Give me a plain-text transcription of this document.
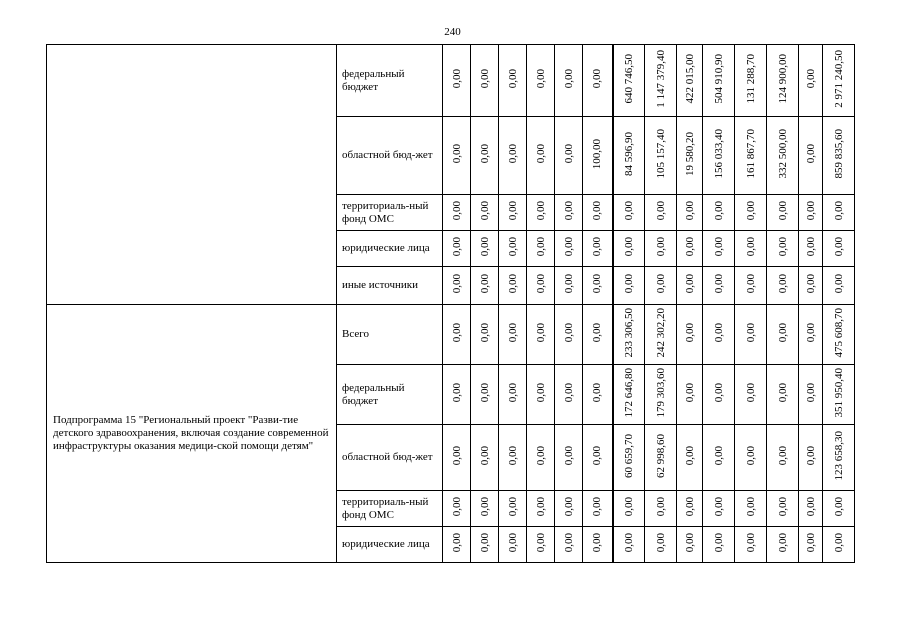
240
	федеральный бюджет	0,00	0,00	0,00	0,00	0,00	0,00	640 746,50	1 147 379,40	422 015,00	504 910,90	131 288,70	124 900,00	0,00	2 971 240,50
	областной бюд-жет	0,00	0,00	0,00	0,00	0,00	100,00	84 596,90	105 157,40	19 580,20	156 033,40	161 867,70	332 500,00	0,00	859 835,60
	территориаль-ный фонд ОМС	0,00	0,00	0,00	0,00	0,00	0,00	0,00	0,00	0,00	0,00	0,00	0,00	0,00	0,00
	юридические лица	0,00	0,00	0,00	0,00	0,00	0,00	0,00	0,00	0,00	0,00	0,00	0,00	0,00	0,00
	иные источники	0,00	0,00	0,00	0,00	0,00	0,00	0,00	0,00	0,00	0,00	0,00	0,00	0,00	0,00
Подпрограмма 15 "Региональный проект "Разви-тие детского здравоохранения, включая создание современной инфраструктуры оказания медици-ской помощи детям"	Всего	0,00	0,00	0,00	0,00	0,00	0,00	233 306,50	242 302,20	0,00	0,00	0,00	0,00	0,00	475 608,70
	федеральный бюджет	0,00	0,00	0,00	0,00	0,00	0,00	172 646,80	179 303,60	0,00	0,00	0,00	0,00	0,00	351 950,40
	областной бюд-жет	0,00	0,00	0,00	0,00	0,00	0,00	60 659,70	62 998,60	0,00	0,00	0,00	0,00	0,00	123 658,30
	территориаль-ный фонд ОМС	0,00	0,00	0,00	0,00	0,00	0,00	0,00	0,00	0,00	0,00	0,00	0,00	0,00	0,00
	юридические лица	0,00	0,00	0,00	0,00	0,00	0,00	0,00	0,00	0,00	0,00	0,00	0,00	0,00	0,00
